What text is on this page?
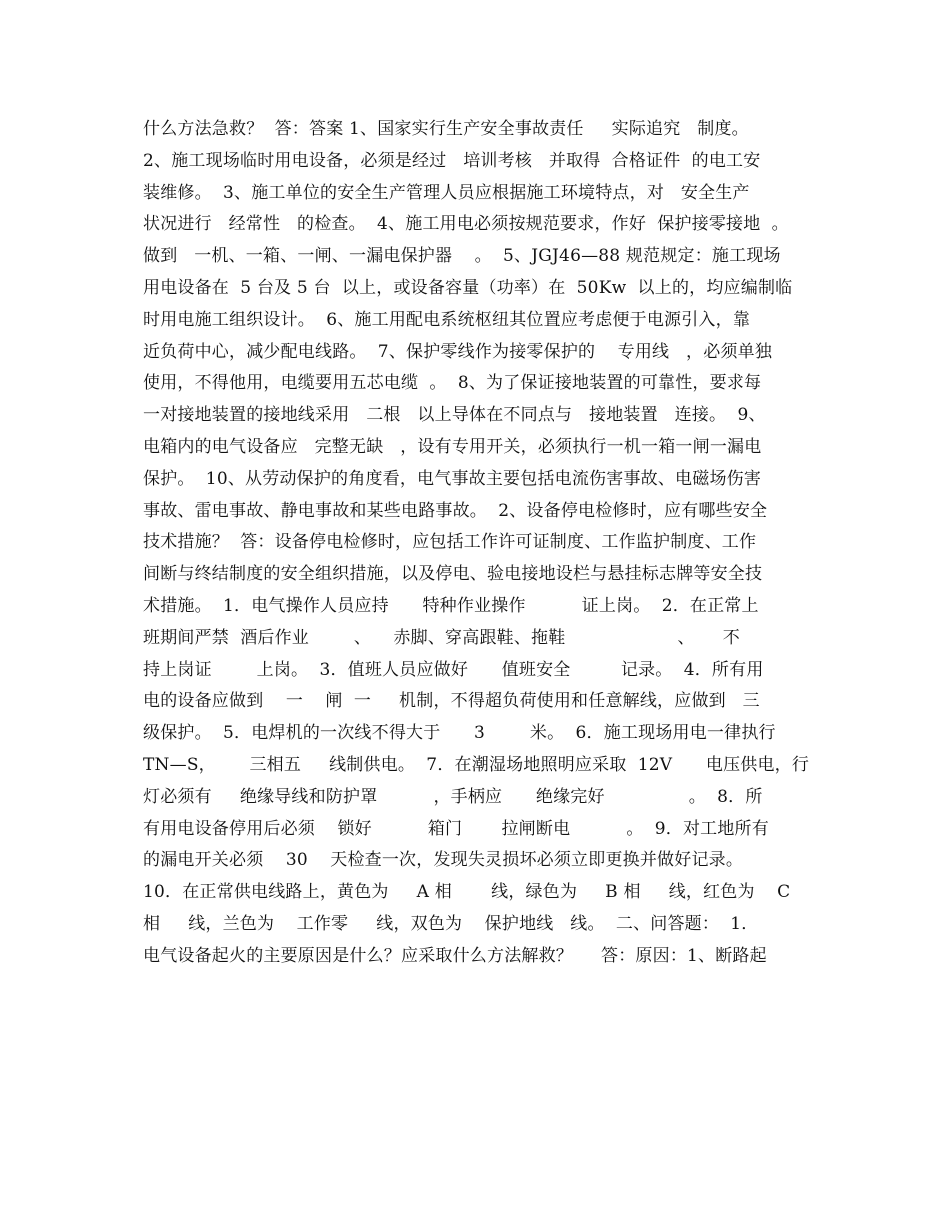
什么方法急救？  答：答案 1、国家实行生产安全事故责任     实际追究   制度。
2、施工现场临时用电设备，必须是经过   培训考核   并取得  合格证件  的电工安
装维修。  3、施工单位的安全生产管理人员应根据施工环境特点，对   安全生产
状况进行   经常性   的检查。  4、施工用电必须按规范要求，作好  保护接零接地  。
做到   一机、一箱、一闸、一漏电保护器    。  5、JGJ46—88 规范规定：施工现场
用电设备在  5 台及 5 台  以上，或设备容量（功率）在  50Kw  以上的，均应编制临
时用电施工组织设计。  6、施工用配电系统枢纽其位置应考虑便于电源引入，靠
近负荷中心，减少配电线路。  7、保护零线作为接零保护的    专用线   ，必须单独
使用，不得他用，电缆要用五芯电缆  。  8、为了保证接地装置的可靠性，要求每
一对接地装置的接地线采用   二根   以上导体在不同点与   接地装置   连接。  9、
电箱内的电气设备应   完整无缺   ，设有专用开关，必须执行一机一箱一闸一漏电
保护。  10、从劳动保护的角度看，电气事故主要包括电流伤害事故、电磁场伤害
事故、雷电事故、静电事故和某些电路事故。  2、设备停电检修时，应有哪些安全
技术措施？  答：设备停电检修时，应包括工作许可证制度、工作监护制度、工作
间断与终结制度的安全组织措施，以及停电、验电接地设栏与悬挂标志牌等安全技
术措施。  1．电气操作人员应持      特种作业操作          证上岗。  2．在正常上
班期间严禁  酒后作业        、    赤脚、穿高跟鞋、拖鞋                    、     不
持上岗证        上岗。  3．值班人员应做好      值班安全         记录。  4．所有用
电的设备应做到    一    闸  一     机制，不得超负荷使用和任意解线，应做到   三
级保护。  5．电焊机的一次线不得大于      3        米。  6．施工现场用电一律执行
TN—S，      三相五     线制供电。  7．在潮湿场地照明应采取  12V      电压供电，行
灯必须有     绝缘导线和防护罩          ，手柄应      绝缘完好               。  8．所
有用电设备停用后必须    锁好          箱门       拉闸断电          。  9．对工地所有
的漏电开关必须    30    天检查一次，发现失灵损坏必须立即更换并做好记录。
10．在正常供电线路上，黄色为     A 相       线，绿色为     B 相     线，红色为    C
相     线，兰色为    工作零     线，双色为    保护地线   线。  二、问答题：  1．
电气设备起火的主要原因是什么？应采取什么方法解救？     答：原因：1、断路起
